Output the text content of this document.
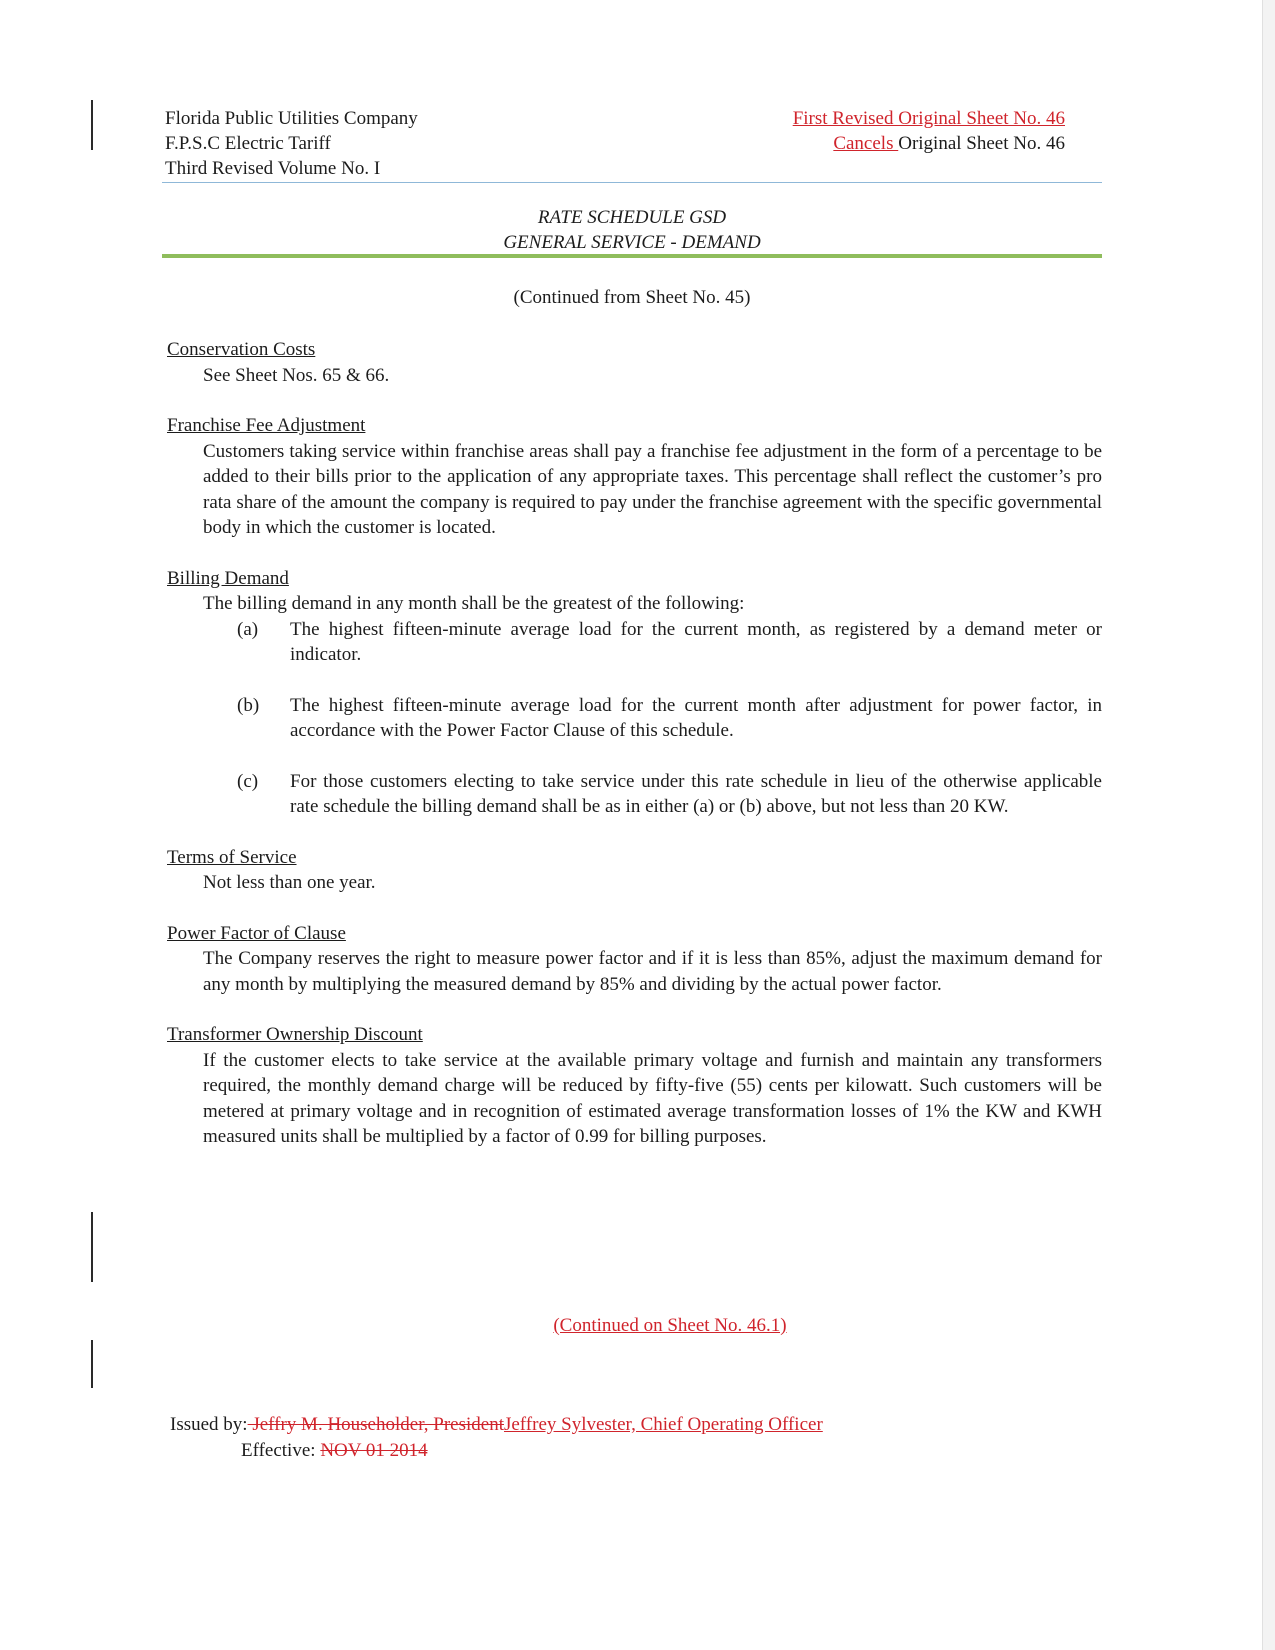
Florida Public Utilities Company
F.P.S.C Electric Tariff
Third Revised Volume No. I
First Revised Original Sheet No. 46
Cancels Original Sheet No. 46
RATE SCHEDULE GSD
GENERAL SERVICE - DEMAND
(Continued from Sheet No. 45)
Conservation Costs
See Sheet Nos. 65 & 66.
Franchise Fee Adjustment
Customers taking service within franchise areas shall pay a franchise fee adjustment in the form of a percentage to be added to their bills prior to the application of any appropriate taxes. This percentage shall reflect the customer’s pro rata share of the amount the company is required to pay under the franchise agreement with the specific governmental body in which the customer is located.
Billing Demand
The billing demand in any month shall be the greatest of the following:
(a)	The highest fifteen-minute average load for the current month, as registered by a demand meter or indicator.
(b)	The highest fifteen-minute average load for the current month after adjustment for power factor, in accordance with the Power Factor Clause of this schedule.
(c)	For those customers electing to take service under this rate schedule in lieu of the otherwise applicable rate schedule the billing demand shall be as in either (a) or (b) above, but not less than 20 KW.
Terms of Service
Not less than one year.
Power Factor of Clause
The Company reserves the right to measure power factor and if it is less than 85%, adjust the maximum demand for any month by multiplying the measured demand by 85% and dividing by the actual power factor.
Transformer Ownership Discount
If the customer elects to take service at the available primary voltage and furnish and maintain any transformers required, the monthly demand charge will be reduced by fifty-five (55) cents per kilowatt. Such customers will be metered at primary voltage and in recognition of estimated average transformation losses of 1% the KW and KWH measured units shall be multiplied by a factor of 0.99 for billing purposes.
(Continued on Sheet No. 46.1)
Issued by: Jeffry M. Householder, PresidentJeffrey Sylvester, Chief Operating Officer
Effective: NOV 01 2014
